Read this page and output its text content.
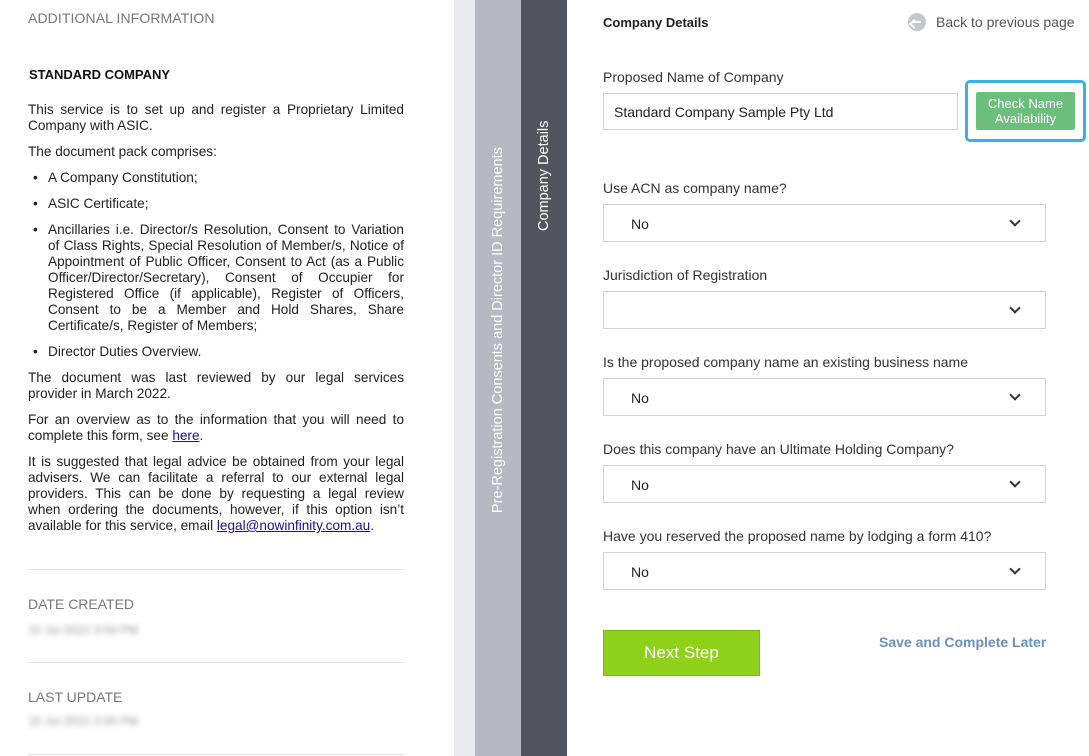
ADDITIONAL INFORMATION
STANDARD COMPANY

This service is to set up and register a Proprietary Limited Company with ASIC.

The document pack comprises:

• A Company Constitution;
• ASIC Certificate;
• Ancillaries i.e. Director/s Resolution, Consent to Variation of Class Rights, Special Resolution of Member/s, Notice of Appointment of Public Officer, Consent to Act (as a Public Officer/Director/Secretary), Consent of Occupier for Registered Office (if applicable), Register of Officers, Consent to be a Member and Hold Shares, Share Certificate/s, Register of Members;
• Director Duties Overview.

The document was last reviewed by our legal services provider in March 2022.

For an overview as to the information that you will need to complete this form, see here.

It is suggested that legal advice be obtained from your legal advisers. We can facilitate a referral to our external legal providers. This can be done by requesting a legal review when ordering the documents, however, if this option isn’t available for this service, email legal@nowinfinity.com.au.

DATE CREATED
15 Jul 2022 3:59 PM
LAST UPDATE
15 Jul 2022 3:59 PM
Pre-Registration Consents and Director ID Requirements Company Details
Company Details	Back to previous page
Proposed Name of Company
Standard Company Sample Pty Ltd
Check Name Availability
Use ACN as company name?
No
Jurisdiction of Registration
Is the proposed company name an existing business name
No
Does this company have an Ultimate Holding Company?
No
Have you reserved the proposed name by lodging a form 410?
No
Next Step
Save and Complete Later
